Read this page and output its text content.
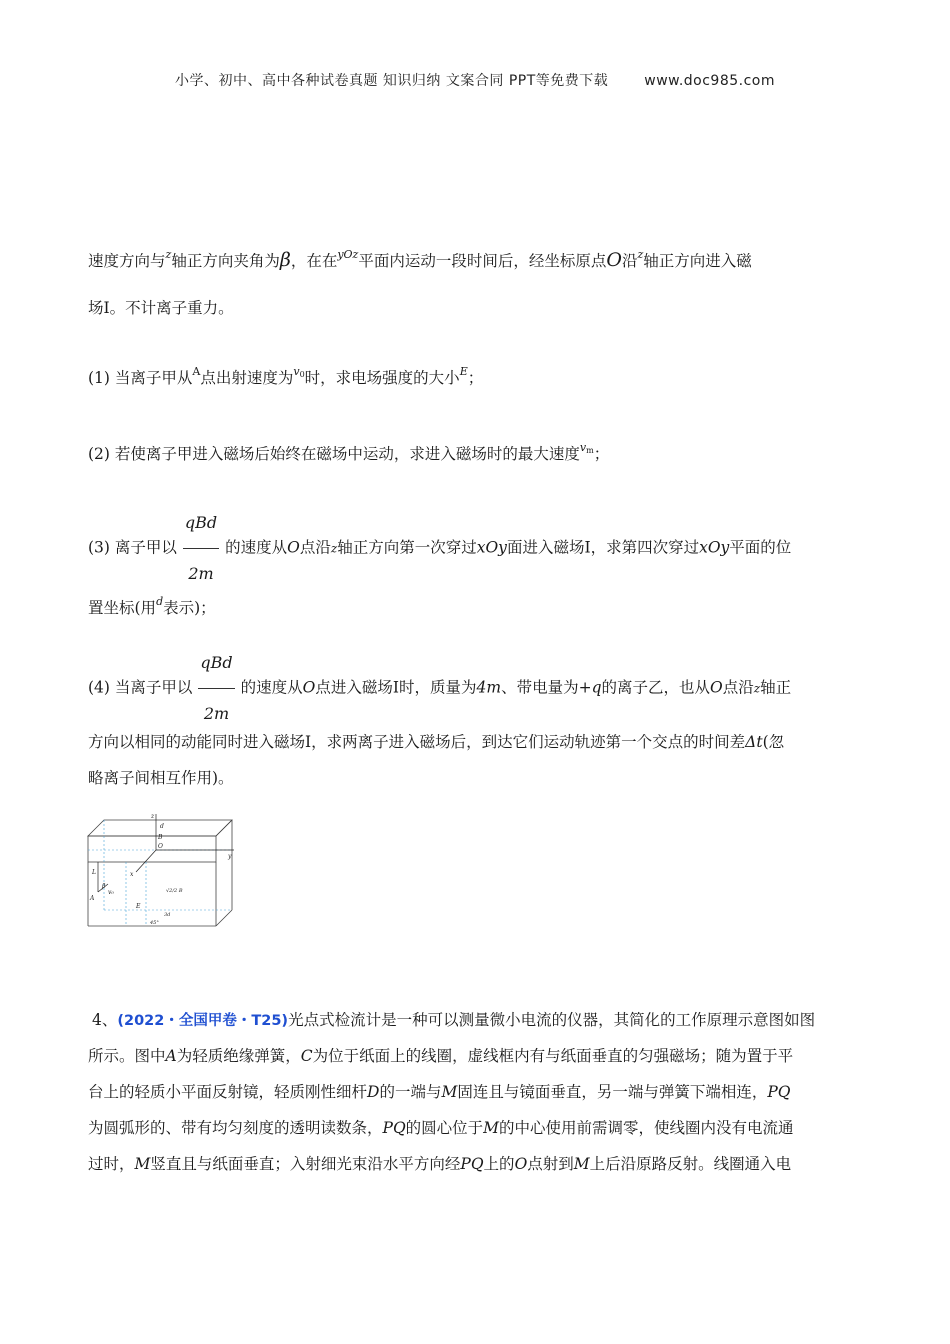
小学、初中、高中各种试卷真题 知识归纳 文案合同 PPT等免费下载	www.doc985.com
速度方向与$^z$轴正方向夹角为β，在在$^{yOz}$平面内运动一段时间后，经坐标原点O沿$^z$轴正方向进入磁
场Ⅰ。不计离子重力。
(1) 当离子甲从$^A$点出射速度为$^{v0}$时，求电场强度的大小$^E$；
(2) 若使离子甲进入磁场后始终在磁场中运动，求进入磁场时的最大速度$^{vm}$；
(3) 离子甲以 $\frac{\text{qBd}}{2m}$ 的速度从O点沿z轴正方向第一次穿过xOy面进入磁场Ⅰ，求第四次穿过xOy平面的位
置坐标(用$^d$表示)；
(4) 当离子甲以 $\frac{\text{qBd}}{2m}$ 的速度从O点进入磁场Ⅰ时，质量为4m、带电量为+q的离子乙，也从O点沿z轴正
方向以相同的动能同时进入磁场Ⅰ，求两离子进入磁场后，到达它们运动轨迹第一个交点的时间差Δt(忽
略离子间相互作用)。
z
d
B
O
y
x
L
β
v₀
A
E
√2/2 B
3d
45°
4、(2022・全国甲卷・T25)光点式检流计是一种可以测量微小电流的仪器，其简化的工作原理示意图如图
所示。图中A为轻质绝缘弹簧，C为位于纸面上的线圈，虚线框内有与纸面垂直的匀强磁场；随为置于平
台上的轻质小平面反射镜，轻质刚性细杆D的一端与M固连且与镜面垂直，另一端与弹簧下端相连，PQ
为圆弧形的、带有均匀刻度的透明读数条，PQ的圆心位于M的中心使用前需调零，使线圈内没有电流通
过时，M竖直且与纸面垂直；入射细光束沿水平方向经PQ上的O点射到M上后沿原路反射。线圈通入电
